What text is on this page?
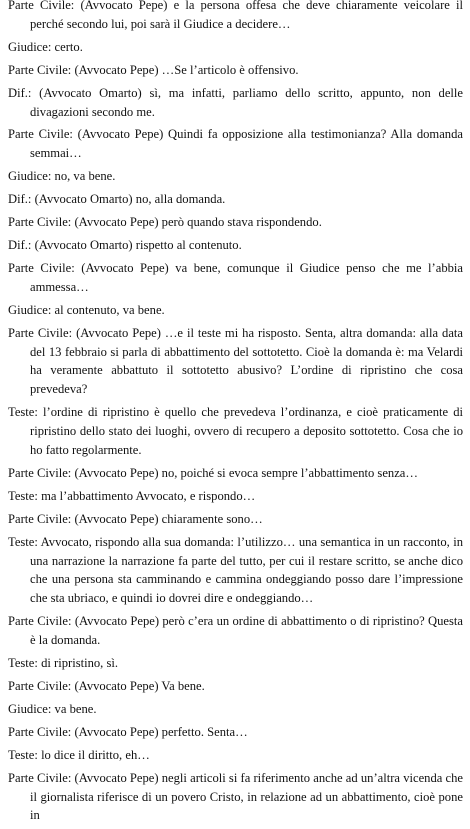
Parte Civile: (Avvocato Pepe) e la persona offesa che deve chiaramente veicolare il perché secondo lui, poi sarà il Giudice a decidere…

Giudice: certo.

Parte Civile: (Avvocato Pepe) …Se l’articolo è offensivo.

Dif.: (Avvocato Omarto) sì, ma infatti, parliamo dello scritto, appunto, non delle divagazioni secondo me.

Parte Civile: (Avvocato Pepe) Quindi fa opposizione alla testimonianza? Alla domanda semmai…

Giudice: no, va bene.

Dif.: (Avvocato Omarto) no, alla domanda.

Parte Civile: (Avvocato Pepe) però quando stava rispondendo.

Dif.: (Avvocato Omarto) rispetto al contenuto.

Parte Civile: (Avvocato Pepe) va bene, comunque il Giudice penso che me l’abbia ammessa…

Giudice: al contenuto, va bene.

Parte Civile: (Avvocato Pepe) …e il teste mi ha risposto. Senta, altra domanda: alla data del 13 febbraio si parla di abbattimento del sottotetto. Cioè la domanda è: ma Velardi ha veramente abbattuto il sottotetto abusivo? L’ordine di ripristino che cosa prevedeva?

Teste: l’ordine di ripristino è quello che prevedeva l’ordinanza, e cioè praticamente di ripristino dello stato dei luoghi, ovvero di recupero a deposito sottotetto. Cosa che io ho fatto regolarmente.

Parte Civile: (Avvocato Pepe) no, poiché si evoca sempre l’abbattimento senza…

Teste: ma l’abbattimento Avvocato, e rispondo…

Parte Civile: (Avvocato Pepe) chiaramente sono…

Teste: Avvocato, rispondo alla sua domanda: l’utilizzo… una semantica in un racconto, in una narrazione la narrazione fa parte del tutto, per cui il restare scritto, se anche dico che una persona sta camminando e cammina ondeggiando posso dare l’impressione che sta ubriaco, e quindi io dovrei dire e ondeggiando…

Parte Civile: (Avvocato Pepe) però c’era un ordine di abbattimento o di ripristino? Questa è la domanda.

Teste: di ripristino, sì.

Parte Civile: (Avvocato Pepe) Va bene.

Giudice: va bene.

Parte Civile: (Avvocato Pepe) perfetto. Senta…

Teste: lo dice il diritto, eh…

Parte Civile: (Avvocato Pepe) negli articoli si fa riferimento anche ad un’altra vicenda che il giornalista riferisce di un povero Cristo, in relazione ad un abbattimento, cioè pone in
